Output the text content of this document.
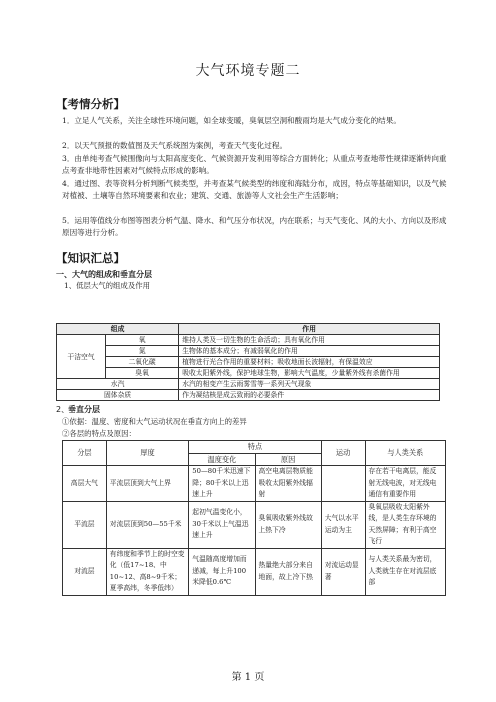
大气环境专题二
【考情分析】
1．立足人气关系，关注全球性环境问题，如全球变暖，臭氧层空洞和酸雨均是大气成分变化的结果。
2．以天气预报的数值图及天气系统图为案例，考查天气变化过程。
3．由单纯考查气候围像向与太阳高度变化、气候资源开发利用等综合方面转化；从重点考查地带性规律逐渐转向重点考查非地带性因素对气候特点形成的影响。
4．通过图、表等资料分析判断气候类型，并考查某气候类型的纬度和海陆分布，成因，特点等基础知识，以及气候对植被、土壤等自然环境要素和农业；建筑、交通、旅游等人文社会生产生活影响；
5．运用等值线分布图等图表分析气温、降水、和气压分布状况，内在联系；与天气变化、风的大小、方向以及形成原因等进行分析。
【知识汇总】
一、大气的组成和垂直分层
1、低层大气的组成及作用
组成		作用
干洁空气	氧	维持人类及一切生物的生命活动；具有氧化作用
	氮	生物体的基本成分；有减弱氧化的作用
	二氧化碳	植物进行光合作用的重要材料；吸收地面长波辐射，有保温效应
	臭氧	吸收太阳紫外线，保护地球生物，影响大气温度，少量紫外线有杀菌作用
水汽		水汽的相变产生云雨雾雪等一系列天气现象
固体杂质		作为凝结核是成云致雨的必要条件
2、
垂直分层
①依据：温度、密度和大气运动状况在垂直方向上的差异
②各层的特点及原因：
分层	厚度	特点		运动	与人类关系
		温度变化	原因		
高层大气	平流层顶到大气上界	50—80千米迅速下降；80千米以上迅速上升	高空电离层物质能吸收太阳紫外线辐射		存在若干电离层，能反射无线电波，对无线电通信有重要作用
平流层	对流层顶到50—55千米	起初气温变化小，30千米以上气温迅速上升	臭氧吸收紫外线故上热下冷	大气以水平运动为主	臭氧层吸收太阳紫外线，是人类生存环境的天然屏障；有利于高空飞行
对流层	有纬度和季节上的时空变化（低17~18、中10~12、高8~9千米；夏季高纬，冬季低纬）	气温随高度增加而递减，每上升100米降低0.6℃	热量绝大部分来自地面，故上冷下热	对流运动显著	与人类关系最为密切，人类就生存在对流层底部
第 1 页
